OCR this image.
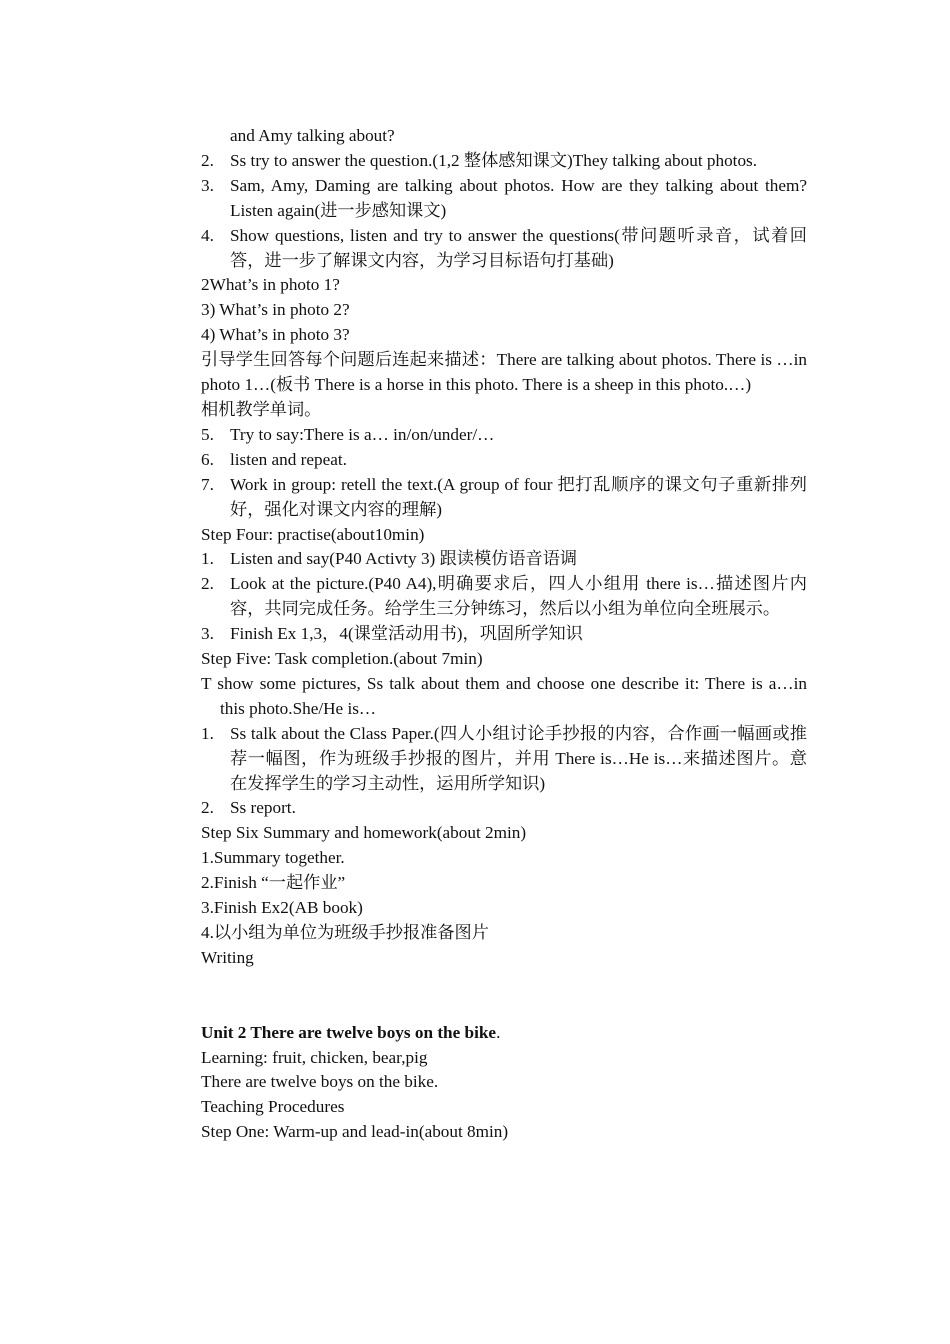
and Amy talking about?

2. Ss try to answer the question.(1,2 整体感知课文)They talking about photos.
3. Sam, Amy, Daming are talking about photos. How are they talking about them? Listen again(进一步感知课文)
4. Show questions, listen and try to answer the questions(带问题听录音，试着回答，进一步了解课文内容，为学习目标语句打基础)

2What’s in photo 1?

3) What’s in photo 2?

4) What’s in photo 3?

引导学生回答每个问题后连起来描述：There are talking about photos. There is …in photo 1…(板书 There is a horse in this photo. There is a sheep in this photo.…)

相机教学单词。

5. Try to say:There is a… in/on/under/…
6. listen and repeat.
7. Work in group: retell the text.(A group of four 把打乱顺序的课文句子重新排列好，强化对课文内容的理解)

Step Four: practise(about10min)

1. Listen and say(P40 Activty 3) 跟读模仿语音语调
2. Look at the picture.(P40 A4),明确要求后，四人小组用 there is…描述图片内容，共同完成任务。给学生三分钟练习，然后以小组为单位向全班展示。
3. Finish Ex 1,3，4(课堂活动用书)，巩固所学知识

Step Five: Task completion.(about 7min)

T show some pictures, Ss talk about them and choose one describe it: There is a…in this photo.She/He is…

1. Ss talk about the Class Paper.(四人小组讨论手抄报的内容，合作画一幅画或推荐一幅图，作为班级手抄报的图片，并用 There is…He is…来描述图片。意在发挥学生的学习主动性，运用所学知识)
2. Ss report.

Step Six Summary and homework(about 2min)

1.Summary together.

2.Finish “一起作业”

3.Finish Ex2(AB book)

4.以小组为单位为班级手抄报准备图片

Writing

Unit 2 There are twelve boys on the bike.

Learning: fruit, chicken, bear,pig

There are twelve boys on the bike.

Teaching Procedures

Step One: Warm-up and lead-in(about 8min)
